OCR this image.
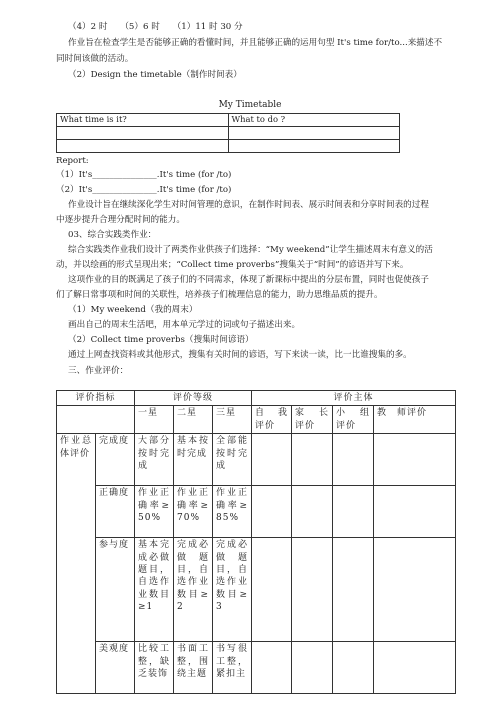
（4）2 时　　（5）6 时　　（1）11 时 30 分
作业旨在检查学生是否能够正确的看懂时间，并且能够正确的运用句型 It's time for/to...来描述不
同时间该做的活动。
（2）Design the timetable（制作时间表）
My Timetable
What time is it?	What to do ?

Report:
（1）It's_______________.It's time (for /to)
（2）It's_______________.It's time (for /to)
作业设计旨在继续深化学生对时间管理的意识，在制作时间表、展示时间表和分享时间表的过程
中逐步提升合理分配时间的能力。
03、综合实践类作业：
综合实践类作业我们设计了两类作业供孩子们选择：“My weekend”让学生描述周末有意义的活
动，并以绘画的形式呈现出来；“Collect time proverbs”搜集关于“时间”的谚语并写下来。
这项作业的目的既满足了孩子们的不同需求，体现了新课标中提出的分层布置，同时也促使孩子
们了解日常事项和时间的关联性，培养孩子们梳理信息的能力，助力思维品质的提升。
（1）My weekend（我的周末）
画出自己的周末生活吧，用本单元学过的词或句子描述出来。
（2）Collect time proverbs（搜集时间谚语）
通过上网查找资料或其他形式，搜集有关时间的谚语，写下来读一读，比一比谁搜集的多。
三、作业评价：
评价指标		评价等级			评价主体			
		一星	二星	三星	自　我评价	家　长评价	小　组评价	教　师评价

作业总体评价	完成度	大部分按时完成	基本按时完成	全部能按时完成				
	正确度	作业正确率≥50%	作业正确率≥70%	作业正确率≥85%				
	参与度	基本完成必做题目，自选作业数目≥1	完成必做题目，自选作业数目≥2	完成必做题目，自选作业数目≥3				
	美观度	比较工整，缺乏装饰	书面工整，围绕主题	书写很工整，紧扣主				
